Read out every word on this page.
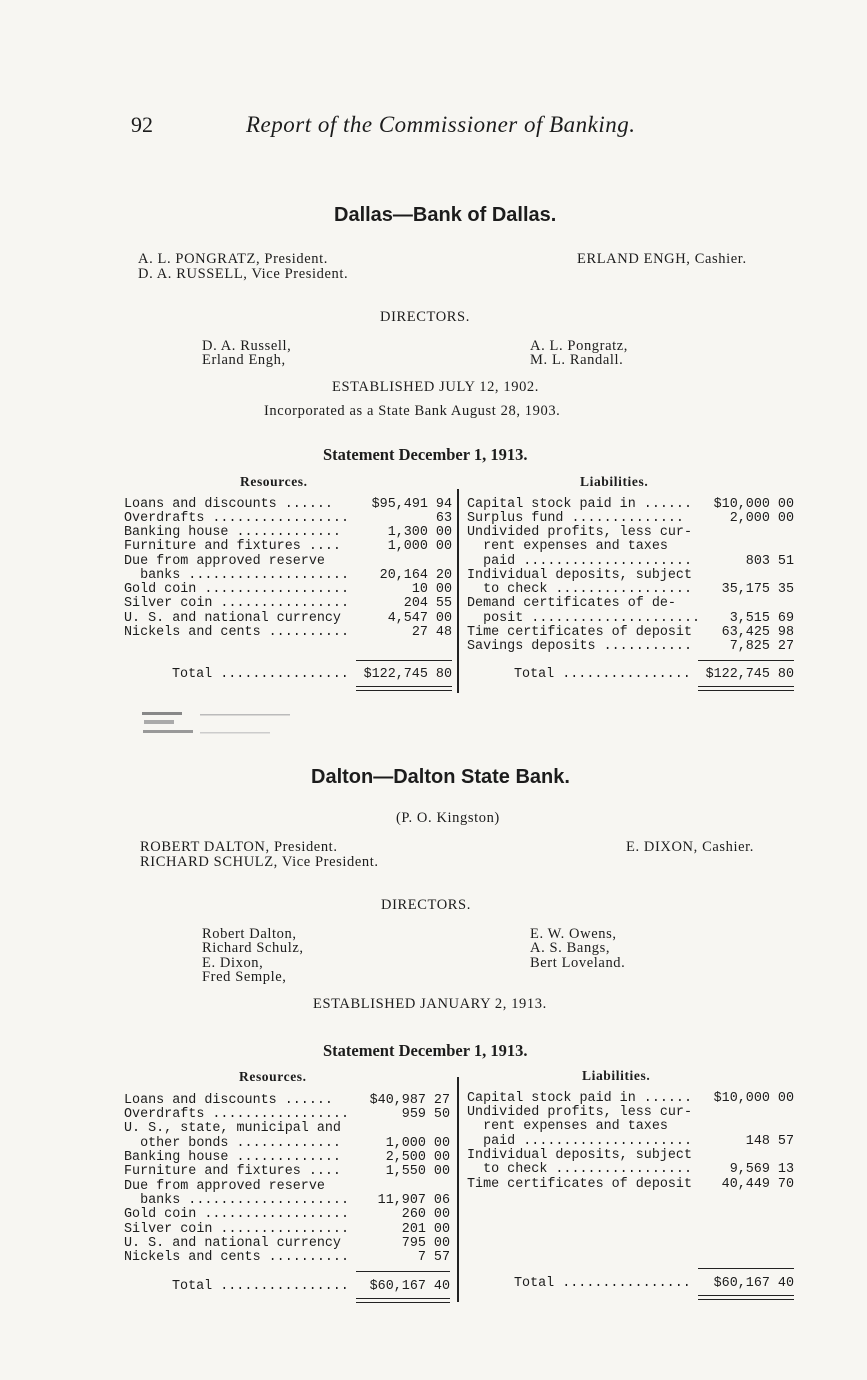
92	Report of the Commissioner of Banking.
Dallas—Bank of Dallas.
A. L. PONGRATZ, President.
D. A. RUSSELL, Vice President.
ERLAND ENGH, Cashier.
DIRECTORS.
D. A. Russell,
Erland Engh,
A. L. Pongratz,
M. L. Randall.
ESTABLISHED JULY 12, 1902.
Incorporated as a State Bank August 28, 1903.
Statement December 1, 1913.
Resources.	Liabilities.
Loans and discounts ......	$95,491 94
Overdrafts .................	63
Banking house .............	1,300 00
Furniture and fixtures ....	1,000 00
Due from approved reserve
banks .................... 20,164 20
Gold coin ..................	10 00
Silver coin ................	204 55
U. S. and national currency	4,547 00
Nickels and cents ..........	27 48
Total ................ $122,745 80
Capital stock paid in ...... $10,000 00
Surplus fund ..............	2,000 00
Undivided profits, less cur-
rent expenses and taxes
paid .....................	803 51
Individual deposits, subject
to check ................. 35,175 35
Demand certificates of de-
posit ..................... 3,515 69
Time certificates of deposit 63,425 98
Savings deposits ...........	7,825 27
Total ................ $122,745 80
Dalton—Dalton State Bank.
(P. O. Kingston)
ROBERT DALTON, President.
RICHARD SCHULZ, Vice President.
E. DIXON, Cashier.
DIRECTORS.
Robert Dalton,
Richard Schulz,
E. Dixon,
Fred Semple,
E. W. Owens,
A. S. Bangs,
Bert Loveland.
ESTABLISHED JANUARY 2, 1913.
Statement December 1, 1913.
Resources.	Liabilities.
Loans and discounts ......	$40,987 27
Overdrafts .................	959 50
U. S., state, municipal and
other bonds .............	1,000 00
Banking house .............	2,500 00
Furniture and fixtures ....	1,550 00
Due from approved reserve
banks .................... 11,907 06
Gold coin ..................	260 00
Silver coin ................	201 00
U. S. and national currency	795 00
Nickels and cents ..........	7 57
Total ................ $60,167 40
Capital stock paid in ...... $10,000 00
Undivided profits, less cur-
rent expenses and taxes
paid .....................	148 57
Individual deposits, subject
to check .................	9,569 13
Time certificates of deposit 40,449 70
Total ................ $60,167 40
